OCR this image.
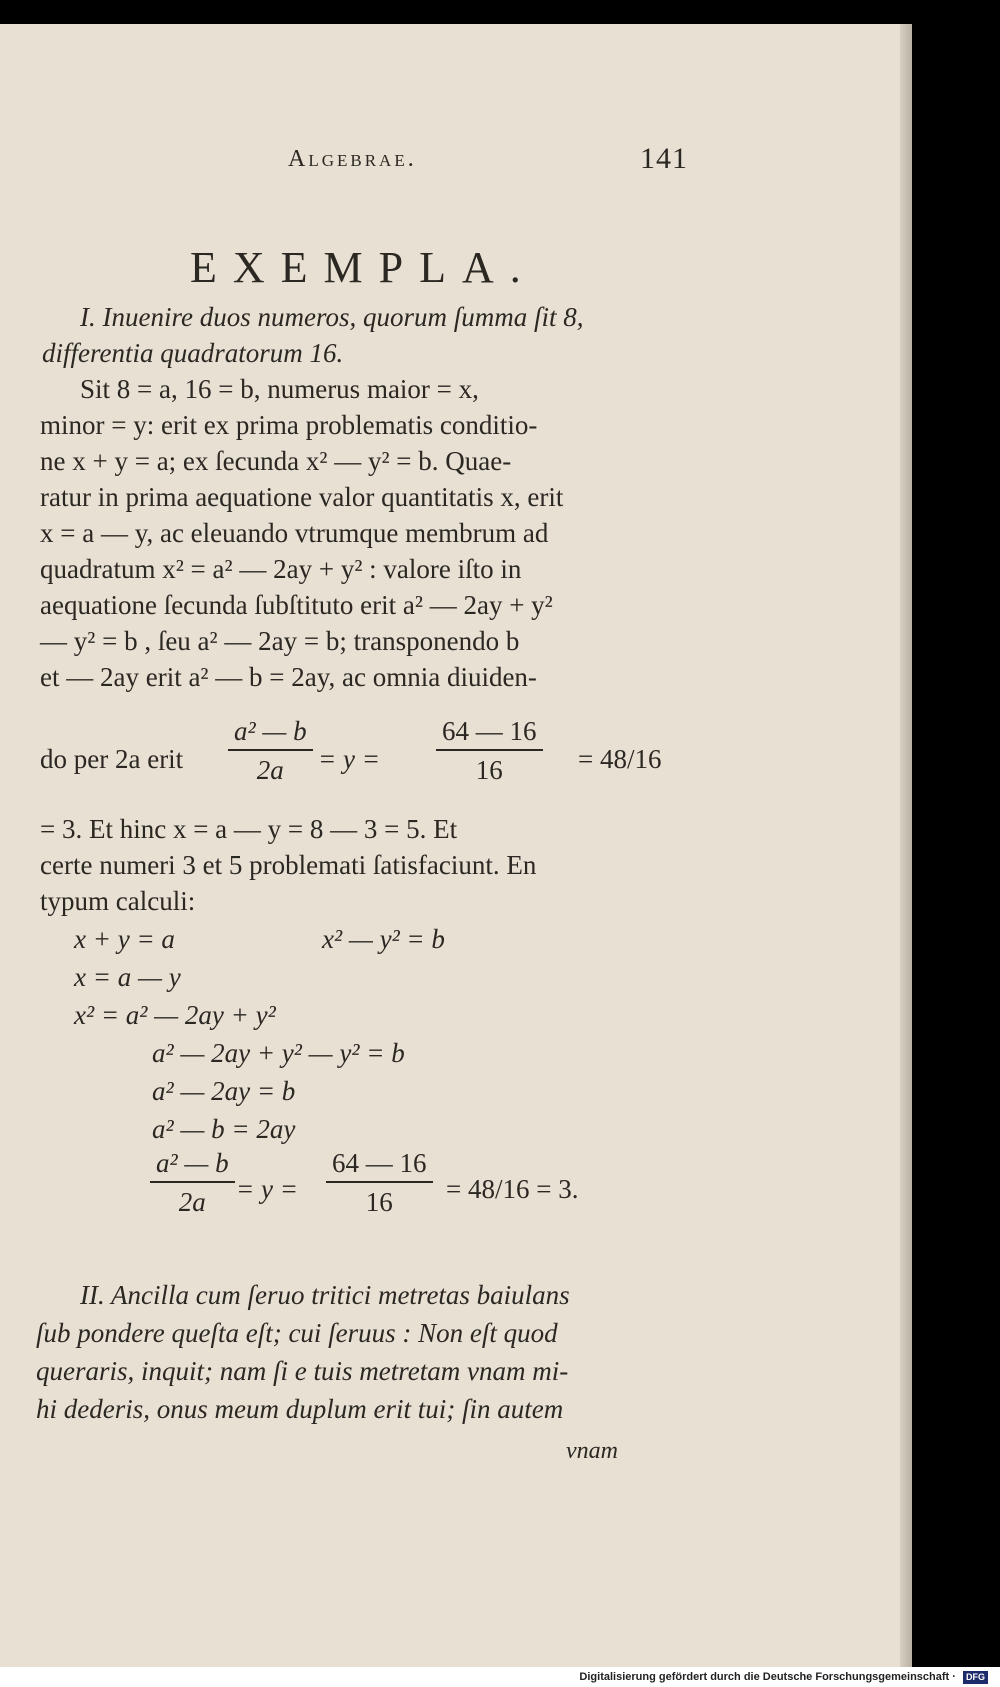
Algebrae.	141
EXEMPLA.
I. Inuenire duos numeros, quorum ſumma ſit 8,
differentia quadratorum 16.
Sit 8 = a, 16 = b, numerus maior = x,
minor = y: erit ex prima problematis conditio-
ne x + y = a; ex ſecunda x² — y² = b. Quae-
ratur in prima aequatione valor quantitatis x, erit
x = a — y, ac eleuando vtrumque membrum ad
quadratum x² = a² — 2ay + y² : valore iſto in
aequatione ſecunda ſubſtituto erit a² — 2ay + y²
— y² = b , ſeu a² — 2ay = b; transponendo b
et — 2ay erit a² — b = 2ay, ac omnia diuiden-
do per 2a erit $\frac{\text{a² — b}}{2a} = y = \frac{64 — 16}{16} = 48/16$
= 3. Et hinc x = a — y = 8 — 3 = 5. Et
certe numeri 3 et 5 problemati ſatisfaciunt. En
typum calculi:
x + y = a	x² — y² = b
x = a — y
x² = a² — 2ay + y²
a² — 2ay + y² — y² = b
a² — 2ay = b
a² — b = 2ay
$\frac{\text{a² — b}}{2a} = y = \frac{64 — 16}{16} = 48/16 = 3$.
II. Ancilla cum ſeruo tritici metretas baiulans
ſub pondere queſta eſt; cui ſeruus : Non eſt quod
queraris, inquit; nam ſi e tuis metretam vnam mi-
hi dederis, onus meum duplum erit tui; ſin autem
vnam
Digitalisierung gefördert durch die Deutsche Forschungsgemeinschaft · DFG
